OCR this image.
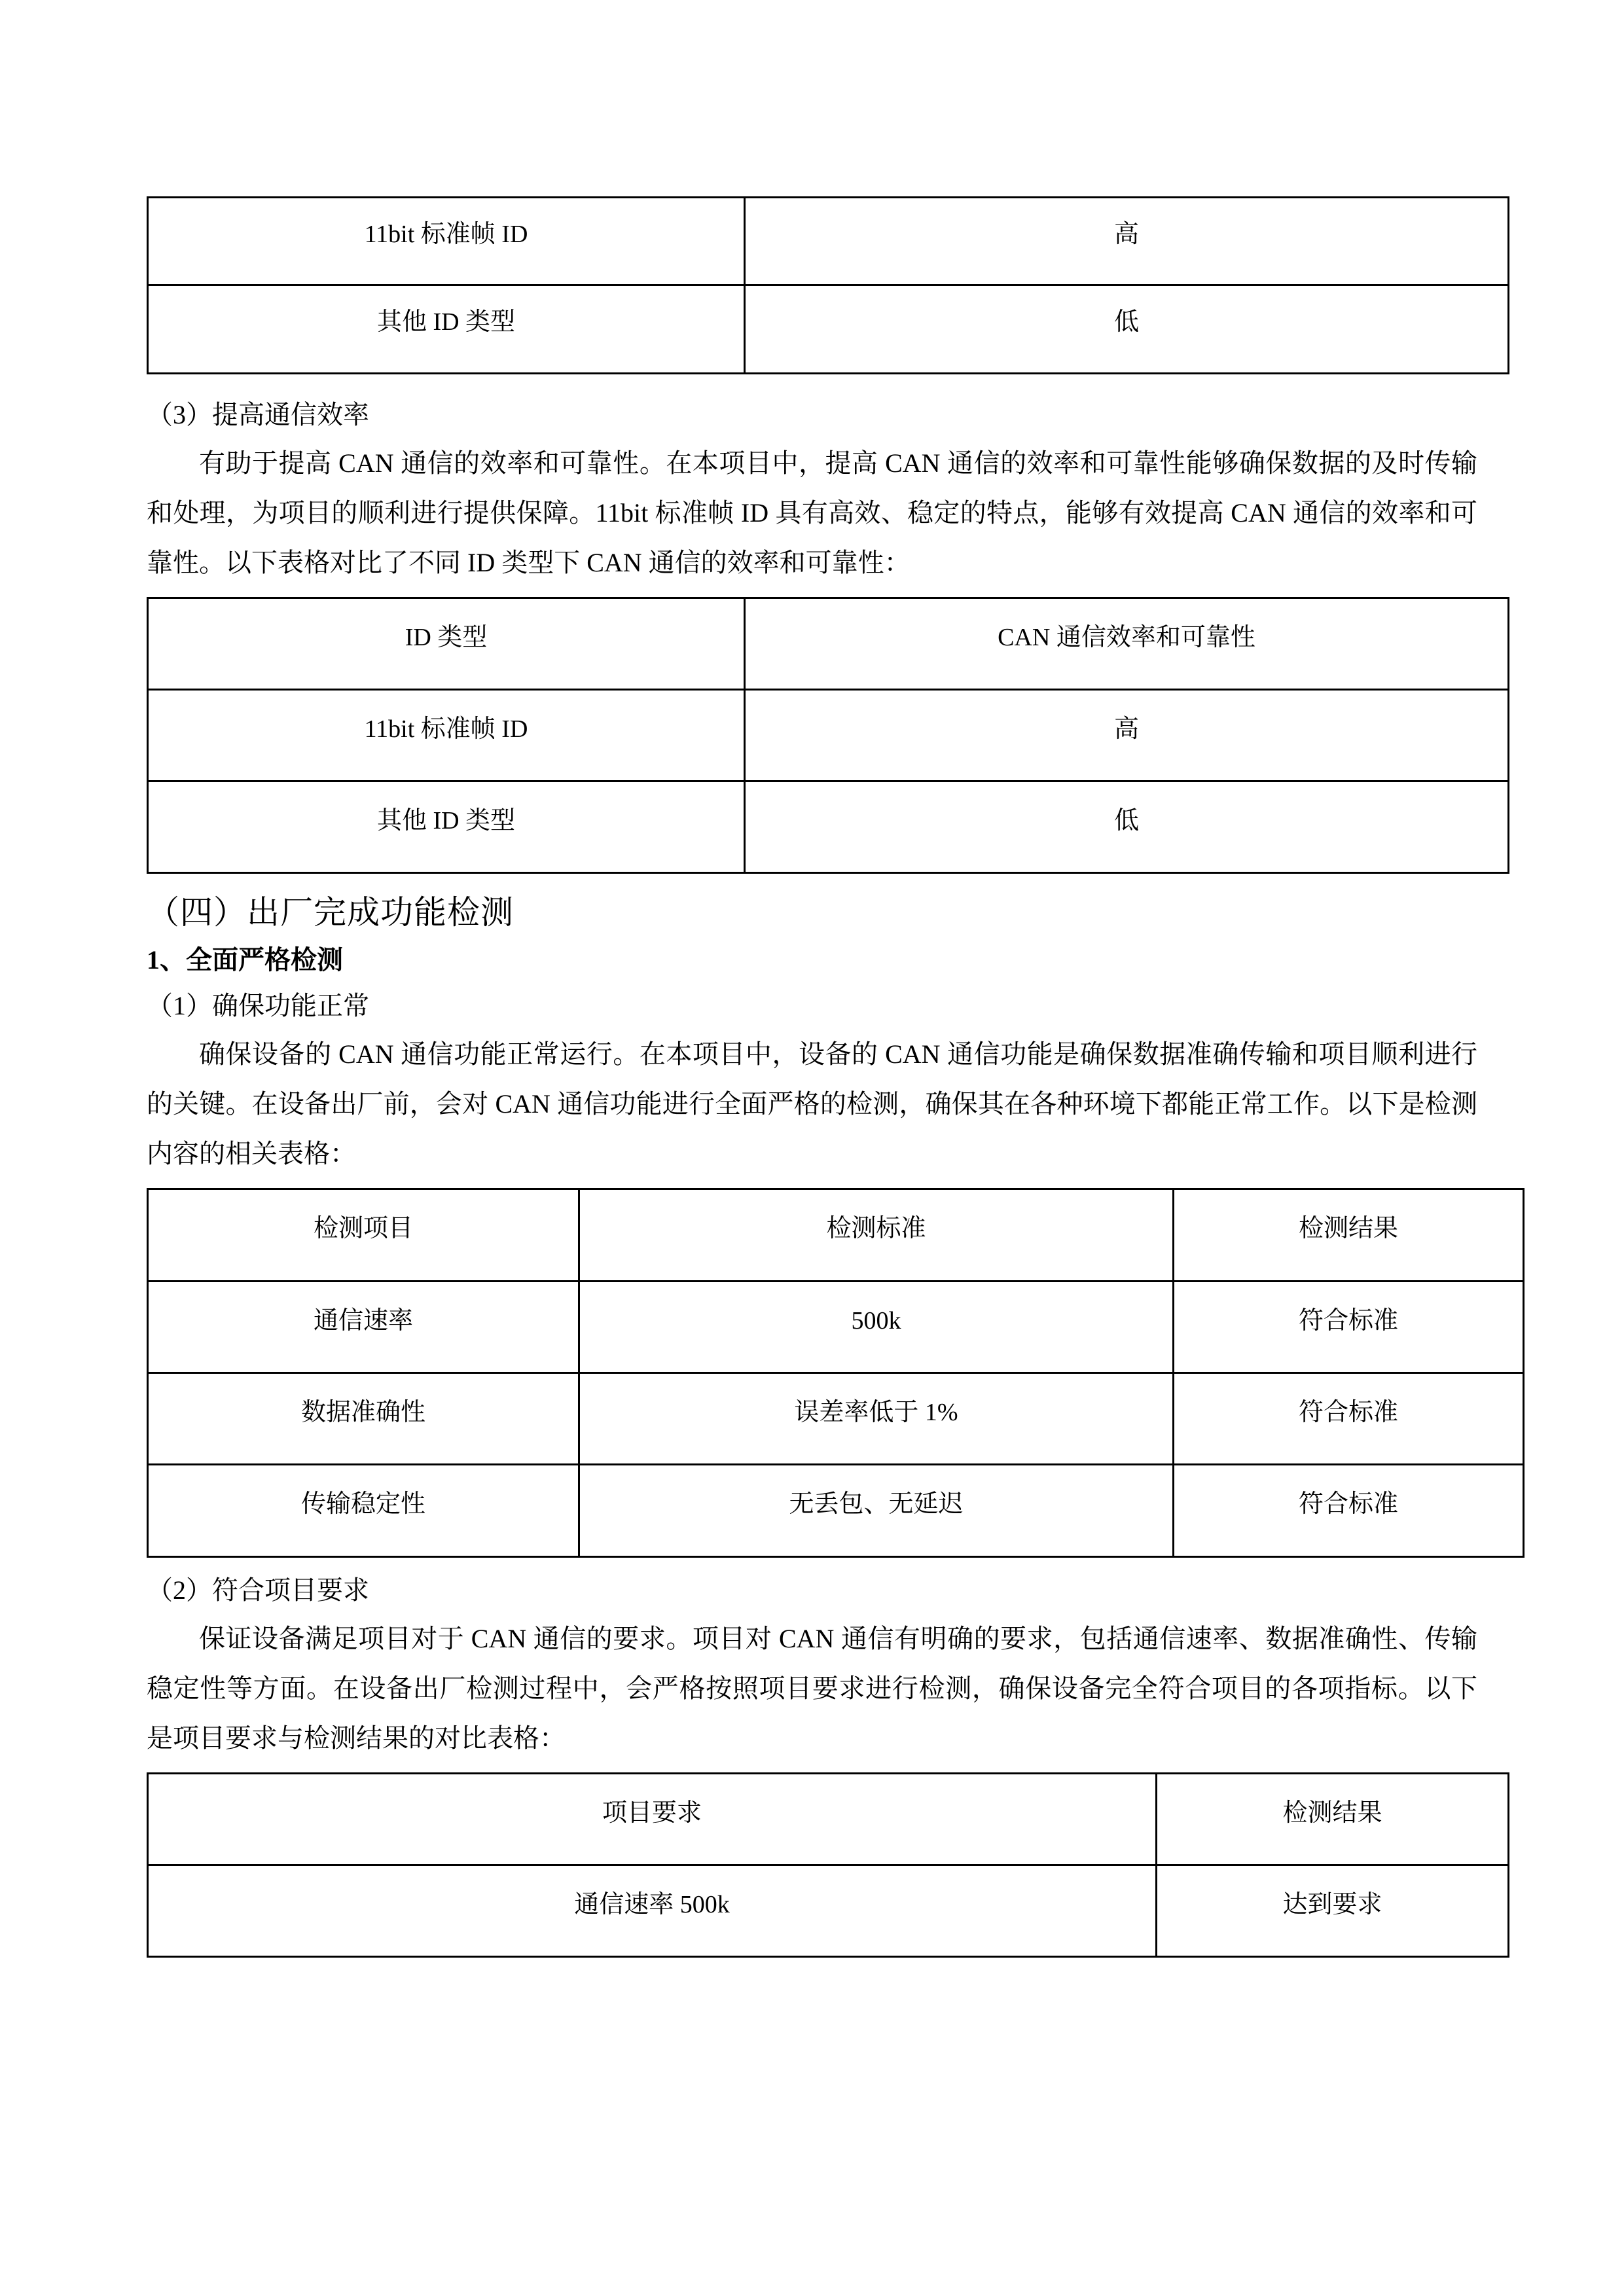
11bit 标准帧 ID	高
其他 ID 类型	低
（3）提高通信效率

有助于提高 CAN 通信的效率和可靠性。在本项目中，提高 CAN 通信的效率和可靠性能够确保数据的及时传输和处理，为项目的顺利进行提供保障。11bit 标准帧 ID 具有高效、稳定的特点，能够有效提高 CAN 通信的效率和可靠性。以下表格对比了不同 ID 类型下 CAN 通信的效率和可靠性：

ID 类型	CAN 通信效率和可靠性
11bit 标准帧 ID	高
其他 ID 类型	低
（四）出厂完成功能检测
1、全面严格检测
（1）确保功能正常

确保设备的 CAN 通信功能正常运行。在本项目中，设备的 CAN 通信功能是确保数据准确传输和项目顺利进行的关键。在设备出厂前，会对 CAN 通信功能进行全面严格的检测，确保其在各种环境下都能正常工作。以下是检测内容的相关表格：

检测项目	检测标准	检测结果
通信速率	500k	符合标准
数据准确性	误差率低于 1%	符合标准
传输稳定性	无丢包、无延迟	符合标准
（2）符合项目要求

保证设备满足项目对于 CAN 通信的要求。项目对 CAN 通信有明确的要求，包括通信速率、数据准确性、传输稳定性等方面。在设备出厂检测过程中，会严格按照项目要求进行检测，确保设备完全符合项目的各项指标。以下是项目要求与检测结果的对比表格：

项目要求	检测结果
通信速率 500k	达到要求
